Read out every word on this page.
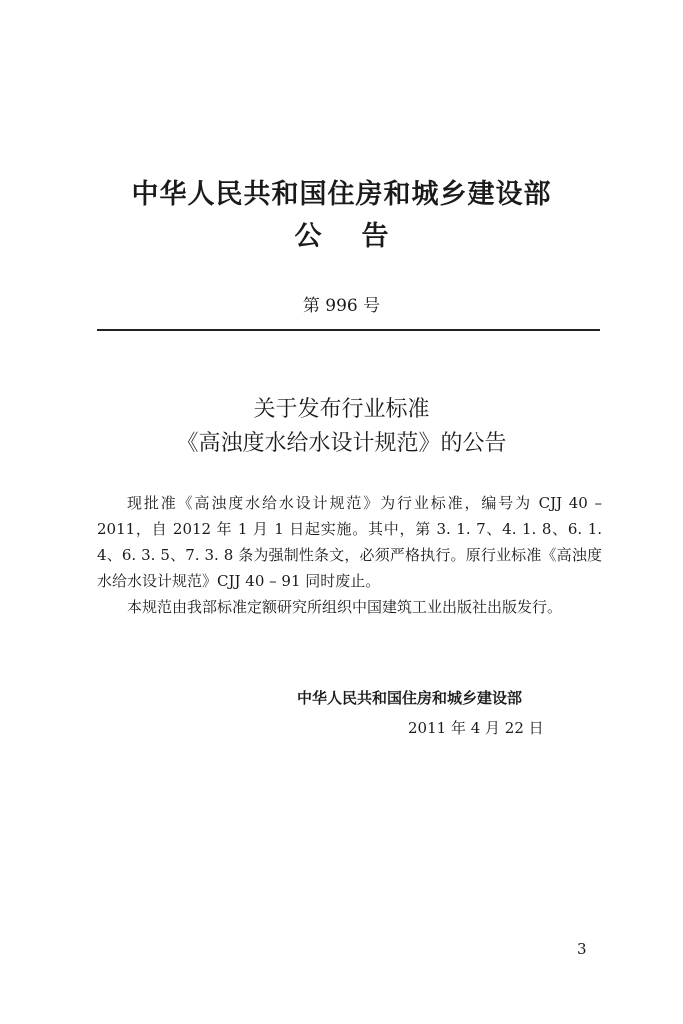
中华人民共和国住房和城乡建设部
公告
第 996 号
关于发布行业标准
《高浊度水给水设计规范》的公告

现批准《高浊度水给水设计规范》为行业标准，编号为 CJJ 40 – 2011，自 2012 年 1 月 1 日起实施。其中，第 3. 1. 7、4. 1. 8、6. 1. 4、6. 3. 5、7. 3. 8 条为强制性条文，必须严格执行。原行业标准《高浊度水给水设计规范》CJJ 40 – 91 同时废止。

本规范由我部标准定额研究所组织中国建筑工业出版社出版发行。

中华人民共和国住房和城乡建设部
2011 年 4 月 22 日
3
